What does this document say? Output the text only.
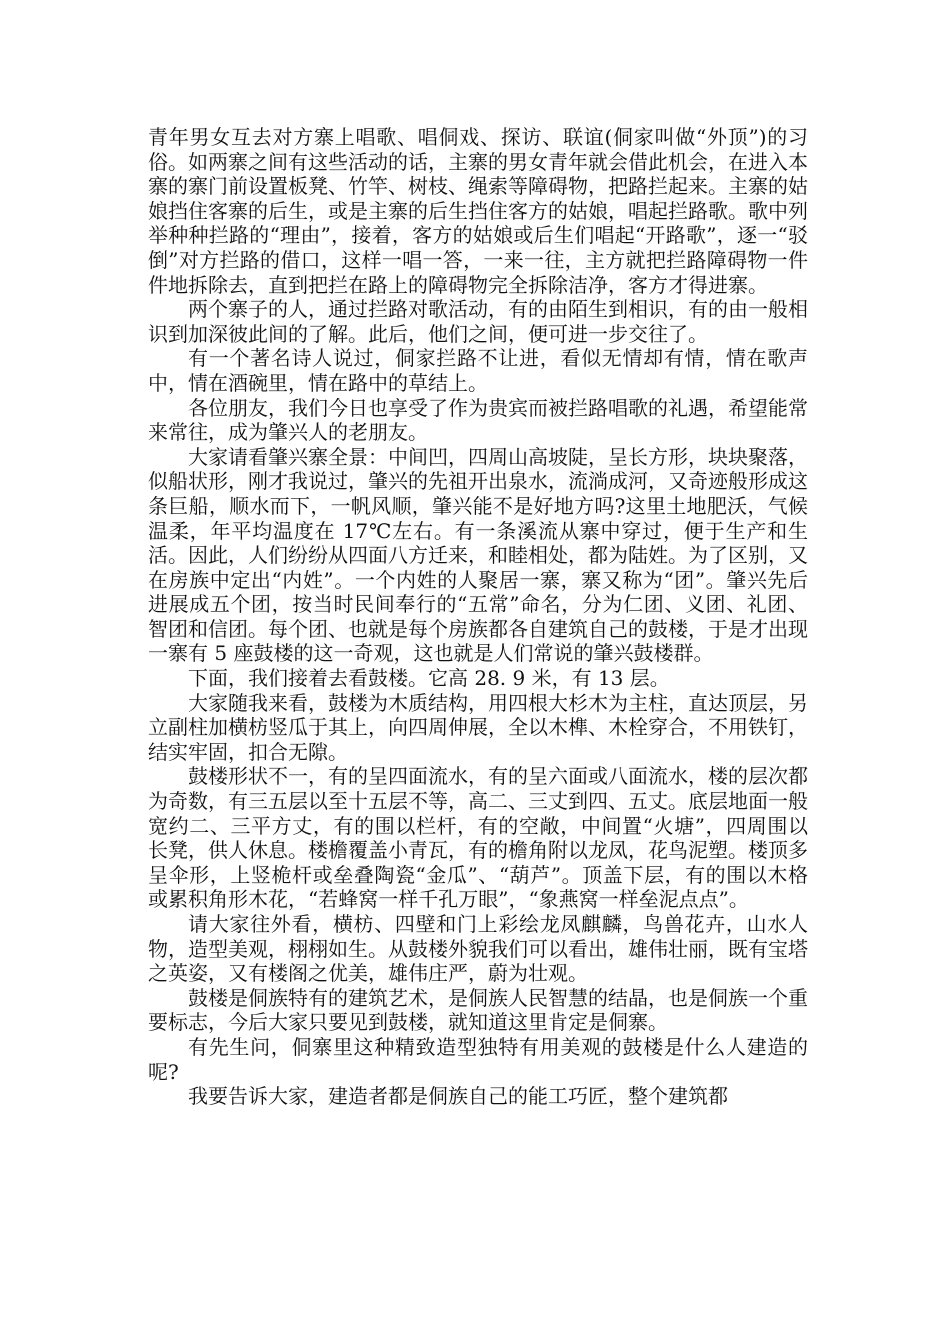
青年男女互去对方寨上唱歌、唱侗戏、探访、联谊(侗家叫做“外顶”)的习俗。如两寨之间有这些活动的话，主寨的男女青年就会借此机会，在进入本寨的寨门前设置板凳、竹竿、树枝、绳索等障碍物，把路拦起来。主寨的姑娘挡住客寨的后生，或是主寨的后生挡住客方的姑娘，唱起拦路歌。歌中列举种种拦路的“理由”，接着，客方的姑娘或后生们唱起“开路歌”，逐一“驳倒”对方拦路的借口，这样一唱一答，一来一往，主方就把拦路障碍物一件件地拆除去，直到把拦在路上的障碍物完全拆除洁净，客方才得进寨。

两个寨子的人，通过拦路对歌活动，有的由陌生到相识，有的由一般相识到加深彼此间的了解。此后，他们之间，便可进一步交往了。

有一个著名诗人说过，侗家拦路不让进，看似无情却有情，情在歌声中，情在酒碗里，情在路中的草结上。

各位朋友，我们今日也享受了作为贵宾而被拦路唱歌的礼遇，希望能常来常往，成为肇兴人的老朋友。

大家请看肇兴寨全景：中间凹，四周山高坡陡，呈长方形，块块聚落，似船状形，刚才我说过，肇兴的先祖开出泉水，流淌成河，又奇迹般形成这条巨船，顺水而下，一帆风顺，肇兴能不是好地方吗?这里土地肥沃，气候温柔，年平均温度在 17℃左右。有一条溪流从寨中穿过，便于生产和生活。因此，人们纷纷从四面八方迁来，和睦相处，都为陆姓。为了区别，又在房族中定出“内姓”。一个内姓的人聚居一寨，寨又称为“团”。肇兴先后进展成五个团，按当时民间奉行的“五常”命名，分为仁团、义团、礼团、智团和信团。每个团、也就是每个房族都各自建筑自己的鼓楼，于是才出现一寨有 5 座鼓楼的这一奇观，这也就是人们常说的肇兴鼓楼群。

下面，我们接着去看鼓楼。它高 28. 9 米，有 13 层。

大家随我来看，鼓楼为木质结构，用四根大杉木为主柱，直达顶层，另立副柱加横枋竖瓜于其上，向四周伸展，全以木榫、木栓穿合，不用铁钉，结实牢固，扣合无隙。

鼓楼形状不一，有的呈四面流水，有的呈六面或八面流水，楼的层次都为奇数，有三五层以至十五层不等，高二、三丈到四、五丈。底层地面一般宽约二、三平方丈，有的围以栏杆，有的空敞，中间置“火塘”，四周围以长凳，供人休息。楼檐覆盖小青瓦，有的檐角附以龙凤，花鸟泥塑。楼顶多呈伞形，上竖桅杆或垒叠陶瓷“金瓜”、“葫芦”。顶盖下层，有的围以木格或累积角形木花，“若蜂窝一样千孔万眼”，“象燕窝一样垒泥点点”。

请大家往外看，横枋、四壁和门上彩绘龙凤麒麟，鸟兽花卉，山水人物，造型美观，栩栩如生。从鼓楼外貌我们可以看出，雄伟壮丽，既有宝塔之英姿，又有楼阁之优美，雄伟庄严，蔚为壮观。

鼓楼是侗族特有的建筑艺术，是侗族人民智慧的结晶，也是侗族一个重要标志，今后大家只要见到鼓楼，就知道这里肯定是侗寨。

有先生问，侗寨里这种精致造型独特有用美观的鼓楼是什么人建造的呢?

我要告诉大家，建造者都是侗族自己的能工巧匠，整个建筑都
